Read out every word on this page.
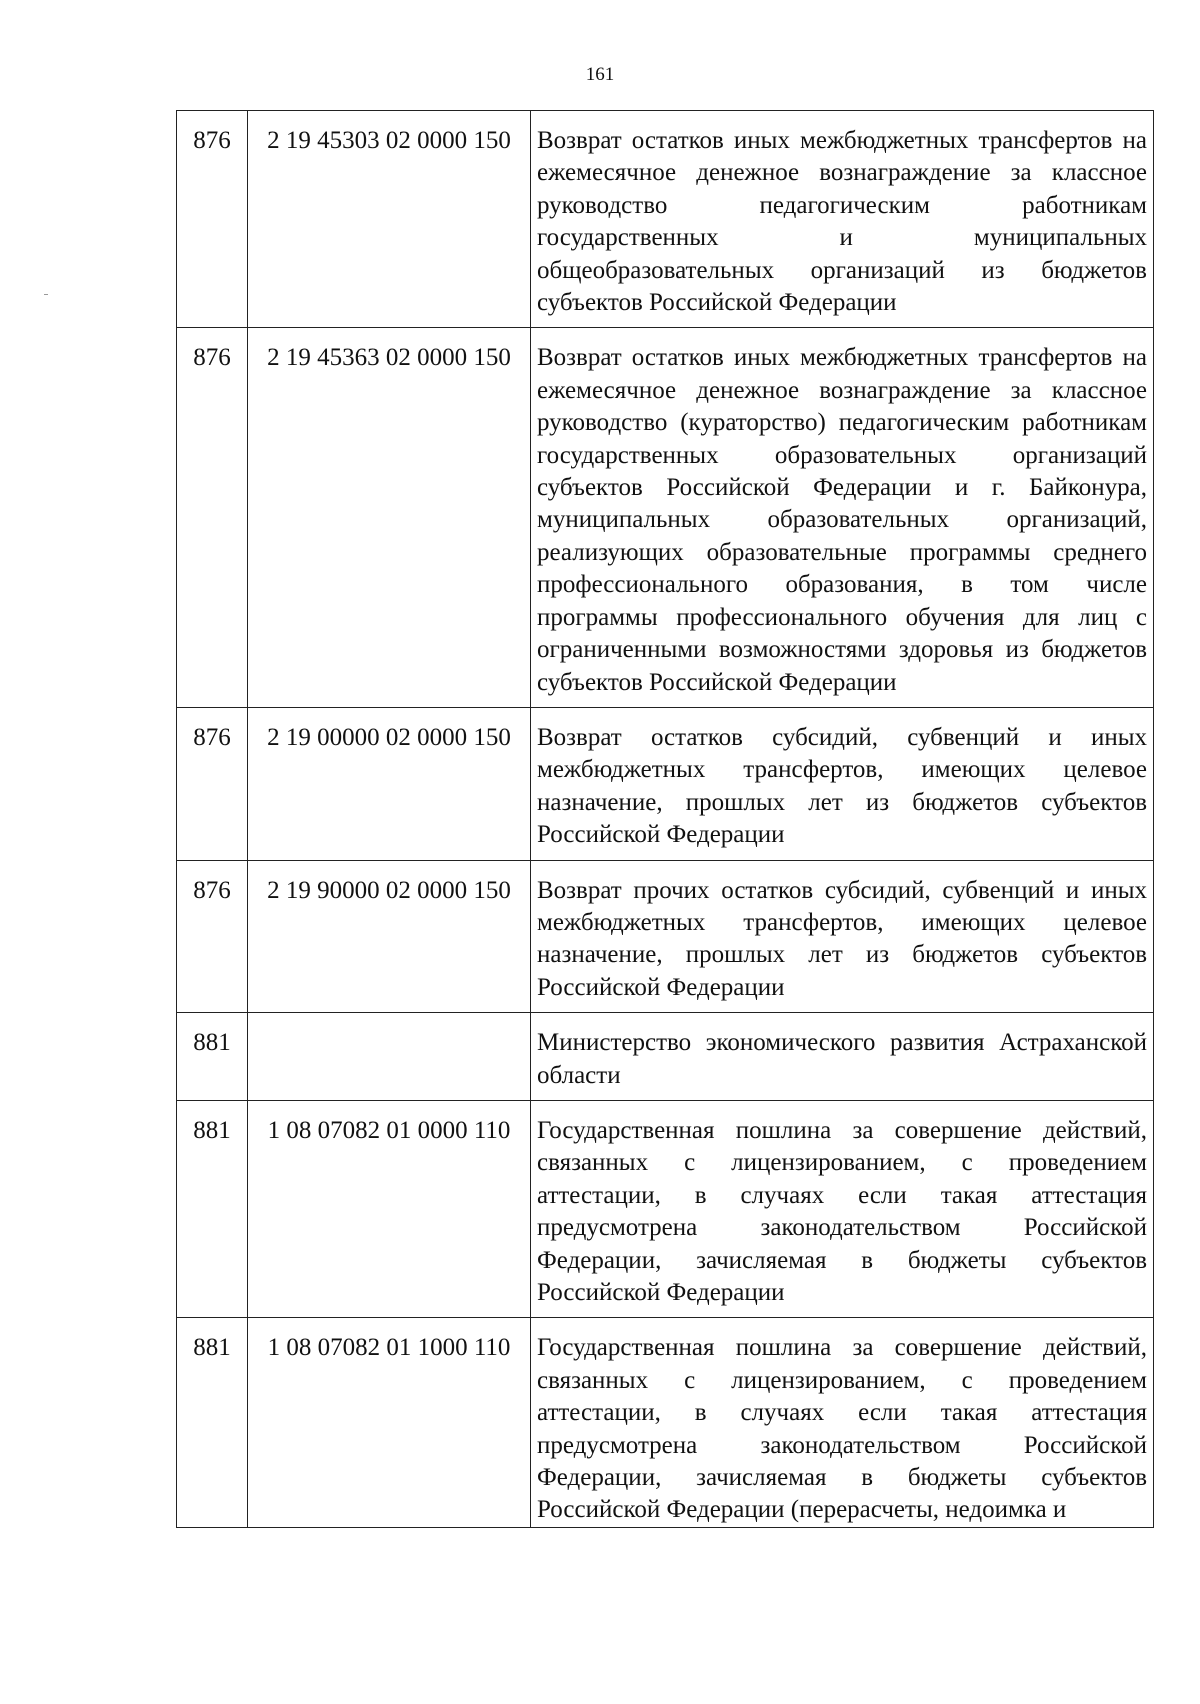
161
876	2 19 45303 02 0000 150	Возврат остатков иных межбюджетных трансфертов на ежемесячное денежное вознаграждение за классное руководство педагогическим работникам государственных и муниципальных общеобразовательных организаций из бюджетов субъектов Российской Федерации
876	2 19 45363 02 0000 150	Возврат остатков иных межбюджетных трансфертов на ежемесячное денежное вознаграждение за классное руководство (кураторство) педагогическим работникам государственных образовательных организаций субъектов Российской Федерации и г. Байконура, муниципальных образовательных организаций, реализующих образовательные программы среднего профессионального образования, в том числе программы профессионального обучения для лиц с ограниченными возможностями здоровья из бюджетов субъектов Российской Федерации
876	2 19 00000 02 0000 150	Возврат остатков субсидий, субвенций и иных межбюджетных трансфертов, имеющих целевое назначение, прошлых лет из бюджетов субъектов Российской Федерации
876	2 19 90000 02 0000 150	Возврат прочих остатков субсидий, субвенций и иных межбюджетных трансфертов, имеющих целевое назначение, прошлых лет из бюджетов субъектов Российской Федерации
881		Министерство экономического развития Астраханской области
881	1 08 07082 01 0000 110	Государственная пошлина за совершение действий, связанных с лицензированием, с проведением аттестации, в случаях если такая аттестация предусмотрена законодательством Российской Федерации, зачисляемая в бюджеты субъектов Российской Федерации
881	1 08 07082 01 1000 110	Государственная пошлина за совершение действий, связанных с лицензированием, с проведением аттестации, в случаях если такая аттестация предусмотрена законодательством Российской Федерации, зачисляемая в бюджеты субъектов Российской Федерации (перерасчеты, недоимка и
